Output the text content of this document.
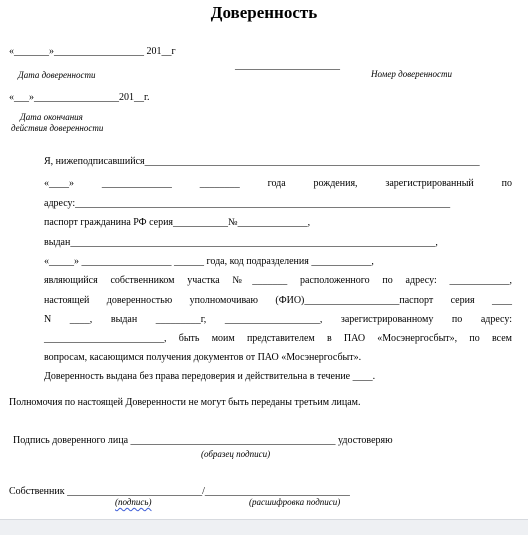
Доверенность
«_______»__________________ 201__г
Дата доверенности
_____________________
Номер доверенности
«___»_________________201__г.
Дата окончания
действия доверенности
Я, нижеподписавшийся___________________________________________________________________
«____» ______________ ________ года рождения, зарегистрированный по
адресу:___________________________________________________________________________
паспорт гражданина РФ серия___________№______________,
выдан_________________________________________________________________________,
«_____» __________________ ______ года, код подразделения ____________,
являющийся собственником участка №_______ расположенного по адресу: ____________,
настоящей доверенностью уполномочиваю (ФИО)___________________паспорт серия ____
N ____, выдан _________г, ___________________, зарегистрированному по адресу:
________________________, быть моим представителем в ПАО «Мосэнергосбыт», по всем
вопросам, касающимся получения документов от ПАО «Мосэнергосбыт».
Доверенность выдана без права передоверия и действительна в течение ____.
Полномочия по настоящей Доверенности не могут быть переданы третьим лицам.
Подпись доверенного лица _________________________________________ удостоверяю
(образец подписи)
Собственник ___________________________/_____________________________
(подпись)	(расшифровка подписи)
